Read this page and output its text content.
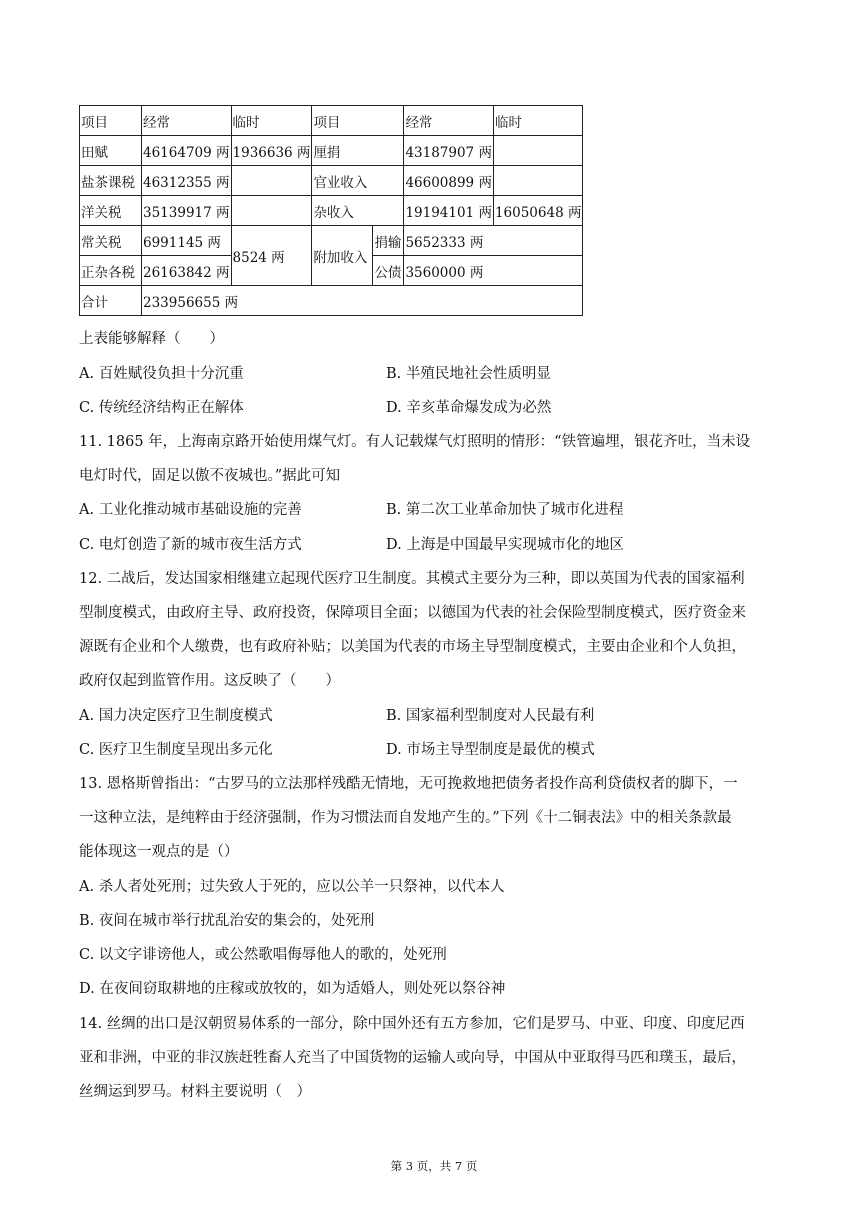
项目	经常	临时	项目		经常	临时
田赋	46164709 两	1936636 两	厘捐		43187907 两	
盐茶课税	46312355 两		官业收入		46600899 两	
洋关税	35139917 两		杂收入		19194101 两	16050648 两
常关税	6991145 两	8524 两	附加收入	捐输	5652333 两	
正杂各税	26163842 两			公债	3560000 两	
合计	233956655 两					
上表能够解释（　　）
A. 百姓赋役负担十分沉重	B. 半殖民地社会性质明显
C. 传统经济结构正在解体	D. 辛亥革命爆发成为必然
11. 1865 年，上海南京路开始使用煤气灯。有人记载煤气灯照明的情形：“铁管遍埋，银花齐吐，当未设
电灯时代，固足以傲不夜城也。”据此可知
A. 工业化推动城市基础设施的完善	B. 第二次工业革命加快了城市化进程
C. 电灯创造了新的城市夜生活方式	D. 上海是中国最早实现城市化的地区
12. 二战后，发达国家相继建立起现代医疗卫生制度。其模式主要分为三种，即以英国为代表的国家福利
型制度模式，由政府主导、政府投资，保障项目全面；以德国为代表的社会保险型制度模式，医疗资金来
源既有企业和个人缴费，也有政府补贴；以美国为代表的市场主导型制度模式，主要由企业和个人负担，
政府仅起到监管作用。这反映了（　　）
A. 国力决定医疗卫生制度模式	B. 国家福利型制度对人民最有利
C. 医疗卫生制度呈现出多元化	D. 市场主导型制度是最优的模式
13. 恩格斯曾指出：“古罗马的立法那样残酷无情地，无可挽救地把债务者投作高利贷债权者的脚下，一
一这种立法，是纯粹由于经济强制，作为习惯法而自发地产生的。”下列《十二铜表法》中的相关条款最
能体现这一观点的是（）
A. 杀人者处死刑；过失致人于死的，应以公羊一只祭神，以代本人
B. 夜间在城市举行扰乱治安的集会的，处死刑
C. 以文字诽谤他人，或公然歌唱侮辱他人的歌的，处死刑
D. 在夜间窃取耕地的庄稼或放牧的，如为适婚人，则处死以祭谷神
14. 丝绸的出口是汉朝贸易体系的一部分，除中国外还有五方参加，它们是罗马、中亚、印度、印度尼西
亚和非洲，中亚的非汉族赶牲畜人充当了中国货物的运输人或向导，中国从中亚取得马匹和璞玉，最后，
丝绸运到罗马。材料主要说明（　）
第 3 页，共 7 页
